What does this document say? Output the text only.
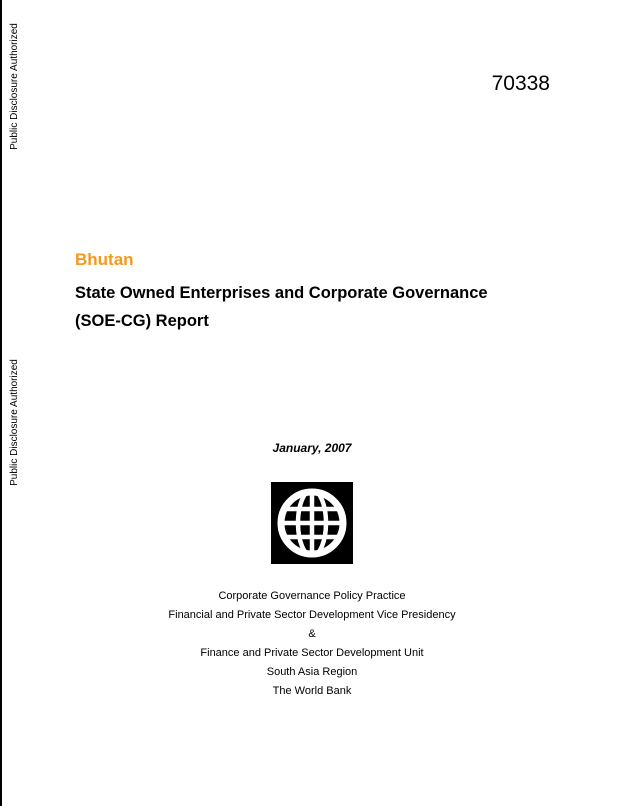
Public Disclosure Authorized
Public Disclosure Authorized
70338
Bhutan
State Owned Enterprises and Corporate Governance
(SOE-CG) Report
January, 2007
Corporate Governance Policy Practice
Financial and Private Sector Development Vice Presidency
&
Finance and Private Sector Development Unit
South Asia Region
The World Bank
